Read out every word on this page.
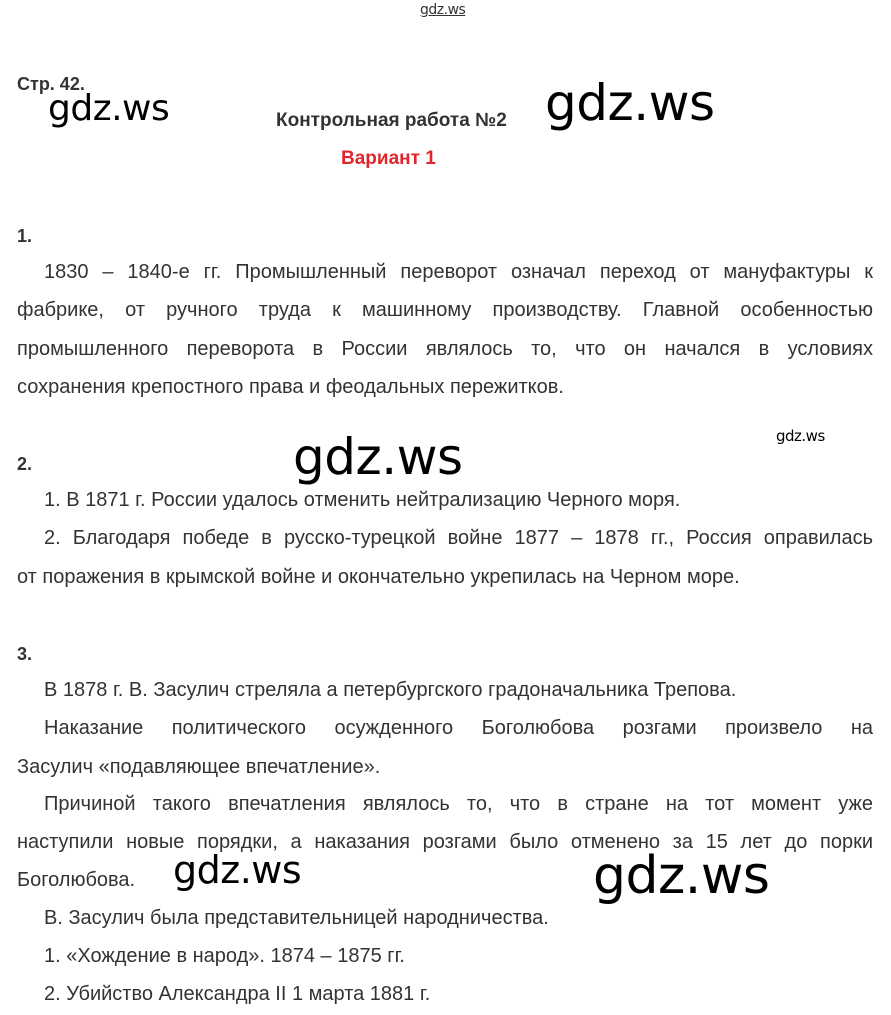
gdz.ws
gdz.ws	gdz.ws
gdz.ws	gdz.ws
gdz.ws	gdz.ws
Стр. 42.
Контрольная работа №2
Вариант 1
1.
1830 – 1840-е гг. Промышленный переворот означал переход от мануфактуры к
фабрике, от ручного труда к машинному производству. Главной особенностью
промышленного переворота в России являлось то, что он начался в условиях
сохранения крепостного права и феодальных пережитков.
2.
1. В 1871 г. России удалось отменить нейтрализацию Черного моря.
2. Благодаря победе в русско-турецкой войне 1877 – 1878 гг., Россия оправилась
от поражения в крымской войне и окончательно укрепилась на Черном море.
3.
В 1878 г. В. Засулич стреляла а петербургского градоначальника Трепова.
Наказание политического осужденного Боголюбова розгами произвело на
Засулич «подавляющее впечатление».
Причиной такого впечатления являлось то, что в стране на тот момент уже
наступили новые порядки, а наказания розгами было отменено за 15 лет до порки
Боголюбова.
В. Засулич была представительницей народничества.
1. «Хождение в народ». 1874 – 1875 гг.
2. Убийство Александра II 1 марта 1881 г.
